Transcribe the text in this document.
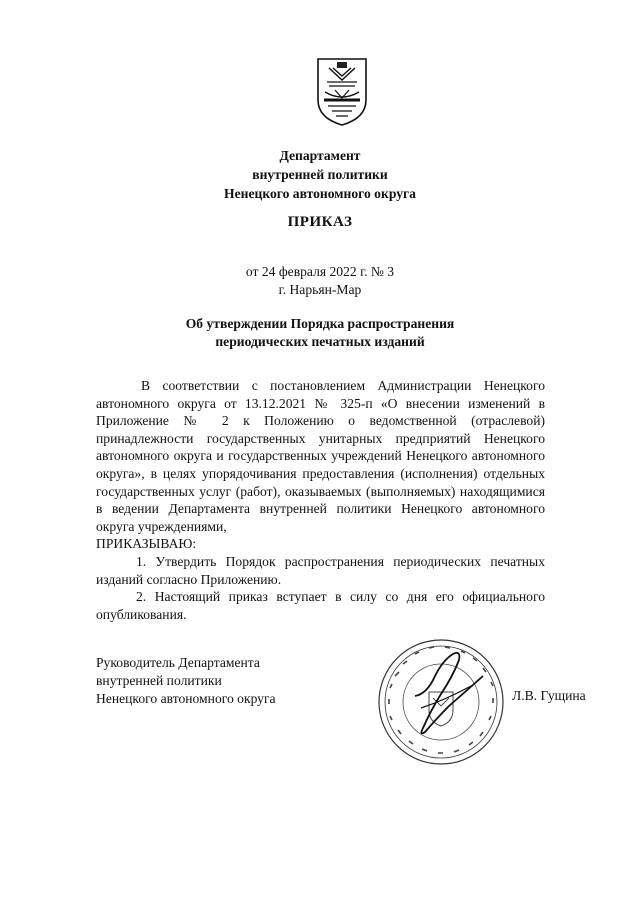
Департамент
внутренней политики
Ненецкого автономного округа
ПРИКАЗ
от 24 февраля 2022 г. № 3
г. Нарьян-Мар
Об утверждении Порядка распространения
периодических печатных изданий

В соответствии с постановлением Администрации Ненецкого автономного округа от 13.12.2021 № 325-п «О внесении изменений в Приложение № 2 к Положению о ведомственной (отраслевой) принадлежности государственных унитарных предприятий Ненецкого автономного округа и государственных учреждений Ненецкого автономного округа», в целях упорядочивания предоставления (исполнения) отдельных государственных услуг (работ), оказываемых (выполняемых) находящимися в ведении Департамента внутренней политики Ненецкого автономного округа учреждениями,

ПРИКАЗЫВАЮ:

1. Утвердить Порядок распространения периодических печатных изданий согласно Приложению.

2. Настоящий приказ вступает в силу со дня его официального опубликования.

Руководитель Департамента
внутренней политики
Ненецкого автономного округа	Л.В. Гущина
